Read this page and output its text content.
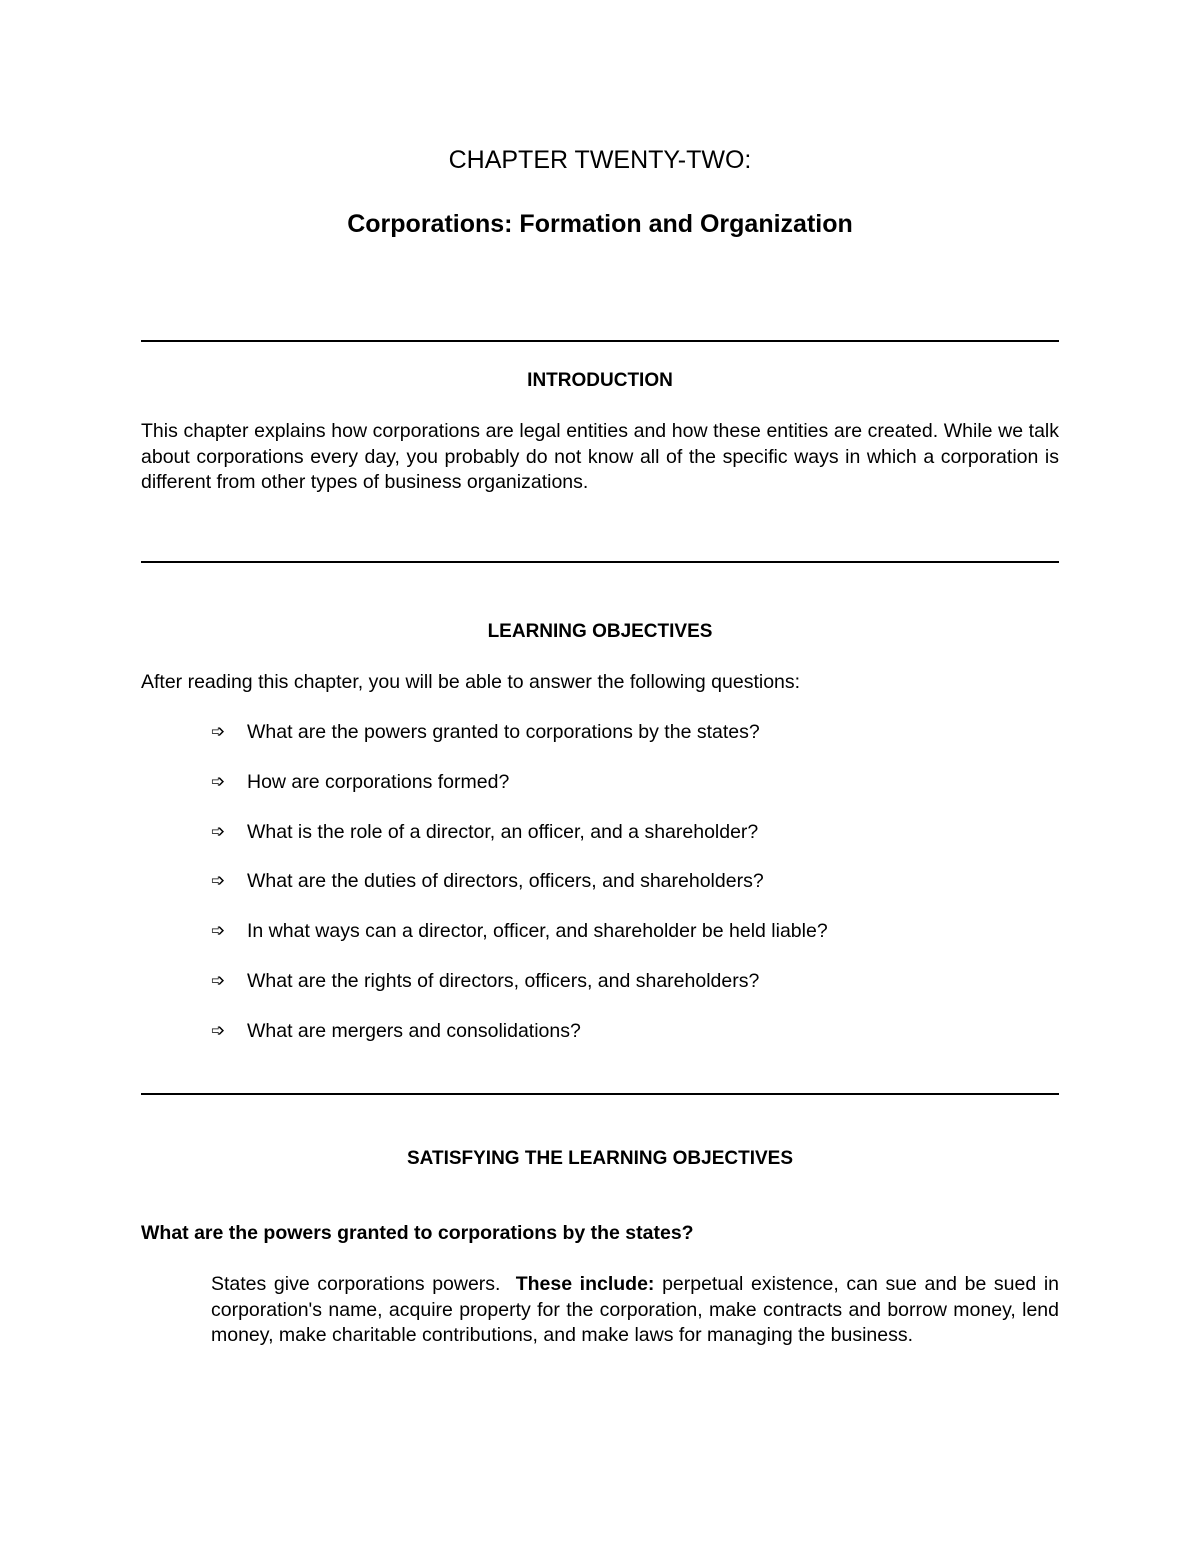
CHAPTER TWENTY-TWO:
Corporations: Formation and Organization
INTRODUCTION
This chapter explains how corporations are legal entities and how these entities are created. While we talk about corporations every day, you probably do not know all of the specific ways in which a corporation is different from other types of business organizations.
LEARNING OBJECTIVES
After reading this chapter, you will be able to answer the following questions:
➩	What are the powers granted to corporations by the states?
➩	How are corporations formed?
➩	What is the role of a director, an officer, and a shareholder?
➩	What are the duties of directors, officers, and shareholders?
➩	In what ways can a director, officer, and shareholder be held liable?
➩	What are the rights of directors, officers, and shareholders?
➩	What are mergers and consolidations?
SATISFYING THE LEARNING OBJECTIVES
What are the powers granted to corporations by the states?
States give corporations powers. These include: perpetual existence, can sue and be sued in corporation's name, acquire property for the corporation, make contracts and borrow money, lend money, make charitable contributions, and make laws for managing the business.
